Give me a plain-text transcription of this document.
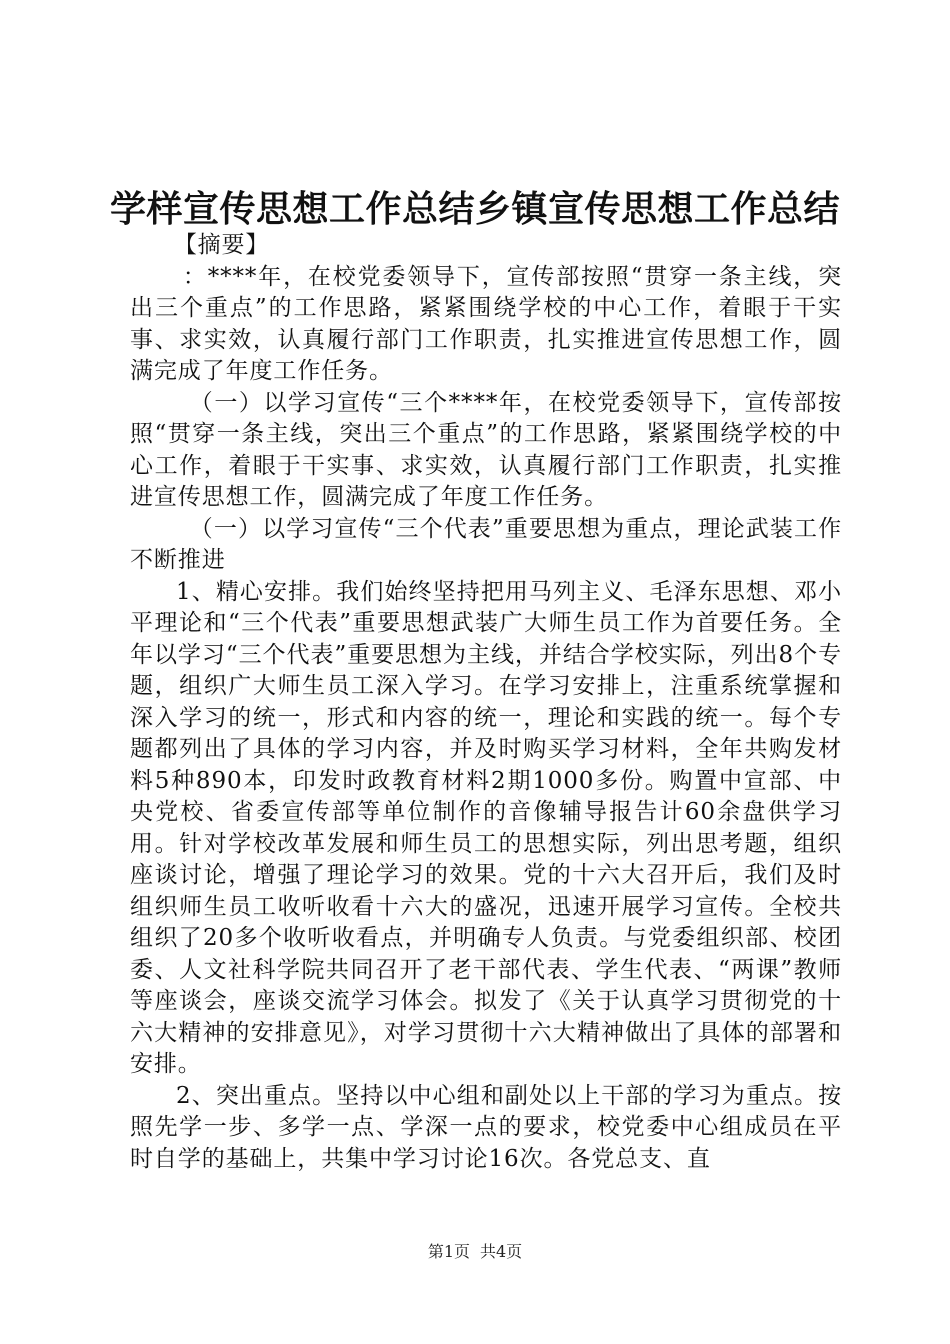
学样宣传思想工作总结乡镇宣传思想工作总结

【摘要】

：****年，在校党委领导下，宣传部按照“贯穿一条主线，突出三个重点”的工作思路，紧紧围绕学校的中心工作，着眼于干实事、求实效，认真履行部门工作职责，扎实推进宣传思想工作，圆满完成了年度工作任务。

（一）以学习宣传“三个****年，在校党委领导下，宣传部按照“贯穿一条主线，突出三个重点”的工作思路，紧紧围绕学校的中心工作，着眼于干实事、求实效，认真履行部门工作职责，扎实推进宣传思想工作，圆满完成了年度工作任务。

（一）以学习宣传“三个代表”重要思想为重点，理论武装工作不断推进

1、精心安排。我们始终坚持把用马列主义、毛泽东思想、邓小平理论和“三个代表”重要思想武装广大师生员工作为首要任务。全年以学习“三个代表”重要思想为主线，并结合学校实际，列出8个专题，组织广大师生员工深入学习。在学习安排上，注重系统掌握和深入学习的统一，形式和内容的统一，理论和实践的统一。每个专题都列出了具体的学习内容，并及时购买学习材料，全年共购发材料5种890本，印发时政教育材料2期1000多份。购置中宣部、中央党校、省委宣传部等单位制作的音像辅导报告计60余盘供学习用。针对学校改革发展和师生员工的思想实际，列出思考题，组织座谈讨论，增强了理论学习的效果。党的十六大召开后，我们及时组织师生员工收听收看十六大的盛况，迅速开展学习宣传。全校共组织了20多个收听收看点，并明确专人负责。与党委组织部、校团委、人文社科学院共同召开了老干部代表、学生代表、“两课”教师等座谈会，座谈交流学习体会。拟发了《关于认真学习贯彻党的十六大精神的安排意见》，对学习贯彻十六大精神做出了具体的部署和安排。

2、突出重点。坚持以中心组和副处以上干部的学习为重点。按照先学一步、多学一点、学深一点的要求，校党委中心组成员在平时自学的基础上，共集中学习讨论16次。各党总支、直

第1页 共4页
